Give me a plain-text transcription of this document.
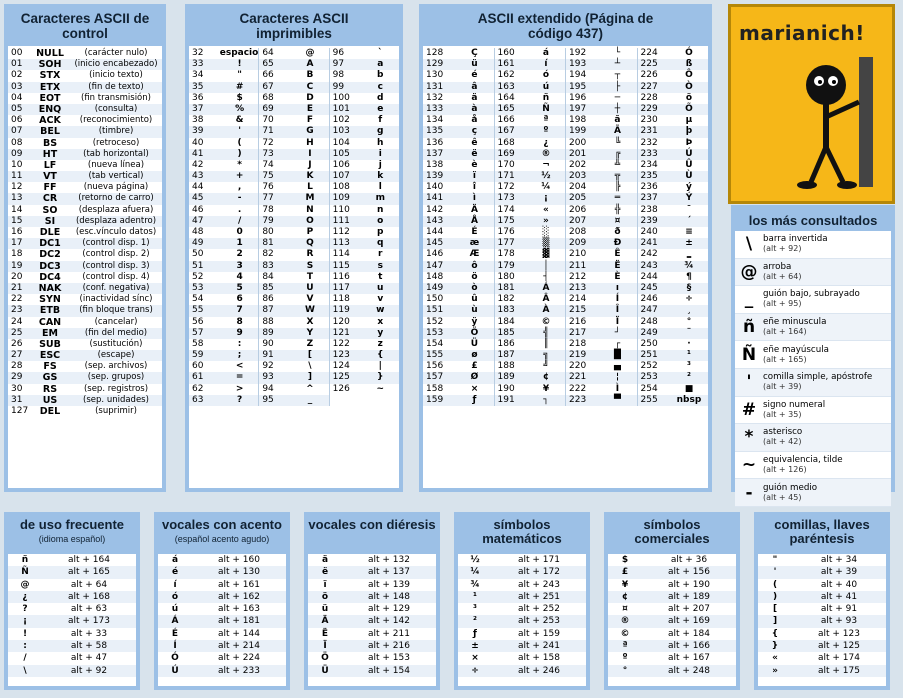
Caracteres ASCII de control
00	NULL	(carácter nulo)
01	SOH	(inicio encabezado)
02	STX	(inicio texto)
03	ETX	(fin de texto)
04	EOT	(fin transmisión)
05	ENQ	(consulta)
06	ACK	(reconocimiento)
07	BEL	(timbre)
08	BS	(retroceso)
09	HT	(tab horizontal)
10	LF	(nueva línea)
11	VT	(tab vertical)
12	FF	(nueva página)
13	CR	(retorno de carro)
14	SO	(desplaza afuera)
15	SI	(desplaza adentro)
16	DLE	(esc.vínculo datos)
17	DC1	(control disp. 1)
18	DC2	(control disp. 2)
19	DC3	(control disp. 3)
20	DC4	(control disp. 4)
21	NAK	(conf. negativa)
22	SYN	(inactividad sínc)
23	ETB	(fin bloque trans)
24	CAN	(cancelar)
25	EM	(fin del medio)
26	SUB	(sustitución)
27	ESC	(escape)
28	FS	(sep. archivos)
29	GS	(sep. grupos)
30	RS	(sep. registros)
31	US	(sep. unidades)
127	DEL	(suprimir)
Caracteres ASCII imprimibles
32	espacio
33	!
34	"
35	#
36	$
37	%
38	&
39	'
40	(
41	)
42	*
43	+
44	,
45	-
46	.
47	/
48	0
49	1
50	2
51	3
52	4
53	5
54	6
55	7
56	8
57	9
58	:
59	;
60	<
61	=
62	>
63	?
64	@
65	A
66	B
67	C
68	D
69	E
70	F
71	G
72	H
73	I
74	J
75	K
76	L
77	M
78	N
79	O
80	P
81	Q
82	R
83	S
84	T
85	U
86	V
87	W
88	X
89	Y
90	Z
91	[
92	\
93	]
94	^
95	_
96	`
97	a
98	b
99	c
100	d
101	e
102	f
103	g
104	h
105	i
106	j
107	k
108	l
109	m
110	n
111	o
112	p
113	q
114	r
115	s
116	t
117	u
118	v
119	w
120	x
121	y
122	z
123	{
124	|
125	}
126	~
ASCII extendido (Página de código 437)
128	Ç
129	ü
130	é
131	â
132	ä
133	à
134	å
135	ç
136	ê
137	ë
138	è
139	ï
140	î
141	ì
142	Ä
143	Å
144	É
145	æ
146	Æ
147	ô
148	ö
149	ò
150	û
151	ù
152	ÿ
153	Ö
154	Ü
155	ø
156	£
157	Ø
158	×
159	ƒ
160	á
161	í
162	ó
163	ú
164	ñ
165	Ñ
166	ª
167	º
168	¿
169	®
170	¬
171	½
172	¼
173	¡
174	«
175	»
176	░
177	▒
178	▓
179	│
180	┤
181	Á
182	Â
183	À
184	©
185	╣
186	║
187	╗
188	╝
189	¢
190	¥
191	┐
192	└
193	┴
194	┬
195	├
196	─
197	┼
198	ã
199	Ã
200	╚
201	╔
202	╩
203	╦
204	╠
205	═
206	╬
207	¤
208	ð
209	Ð
210	Ê
211	Ë
212	È
213	ı
214	Í
215	Î
216	Ï
217	┘
218	┌
219	█
220	▄
221	¦
222	Ì
223	▀
224	Ó
225	ß
226	Ô
227	Ò
228	õ
229	Õ
230	µ
231	þ
232	Þ
233	Ú
234	Û
235	Ù
236	ý
237	Ý
238	¯
239	´
240	≡
241	±
242	‗
243	¾
244	¶
245	§
246	÷
247	¸
248	°
249	¨
250	·
251	¹
252	³
253	²
254	■
255	nbsp
marianich!
los más consultados
\	barra invertida
(alt + 92)
@ arroba
(alt + 64)
_	guión bajo, subrayado
(alt + 95)
ñ eñe minuscula
(alt + 164)
Ñ eñe mayúscula
(alt + 165)
'	comilla simple, apóstrofe
(alt + 39)
# signo numeral
(alt + 35)
*	asterisco
(alt + 42)
~ equivalencia, tilde
(alt + 126)
-	guión medio
(alt + 45)
de uso frecuente
(idioma español)
ñ	alt + 164
Ñ	alt + 165
@	alt + 64
¿	alt + 168
?	alt + 63
¡	alt + 173
!	alt + 33
:	alt + 58
/	alt + 47
\	alt + 92
vocales con acento
(español acento agudo)
á	alt + 160
é	alt + 130
í	alt + 161
ó	alt + 162
ú	alt + 163
Á	alt + 181
É	alt + 144
Í	alt + 214
Ó	alt + 224
Ú	alt + 233
vocales con diéresis
ä	alt + 132
ë	alt + 137
ï	alt + 139
ö	alt + 148
ü	alt + 129
Ä	alt + 142
Ë	alt + 211
Ï	alt + 216
Ö	alt + 153
Ü	alt + 154
símbolos matemáticos
½	alt + 171
¼	alt + 172
¾	alt + 243
¹	alt + 251
³	alt + 252
²	alt + 253
ƒ	alt + 159
±	alt + 241
×	alt + 158
÷	alt + 246
símbolos comerciales
$	alt + 36
£	alt + 156
¥	alt + 190
¢	alt + 189
¤	alt + 207
®	alt + 169
©	alt + 184
ª	alt + 166
º	alt + 167
°	alt + 248
comillas, llaves paréntesis
"	alt + 34
'	alt + 39
(	alt + 40
)	alt + 41
[	alt + 91
]	alt + 93
{	alt + 123
}	alt + 125
«	alt + 174
»	alt + 175
